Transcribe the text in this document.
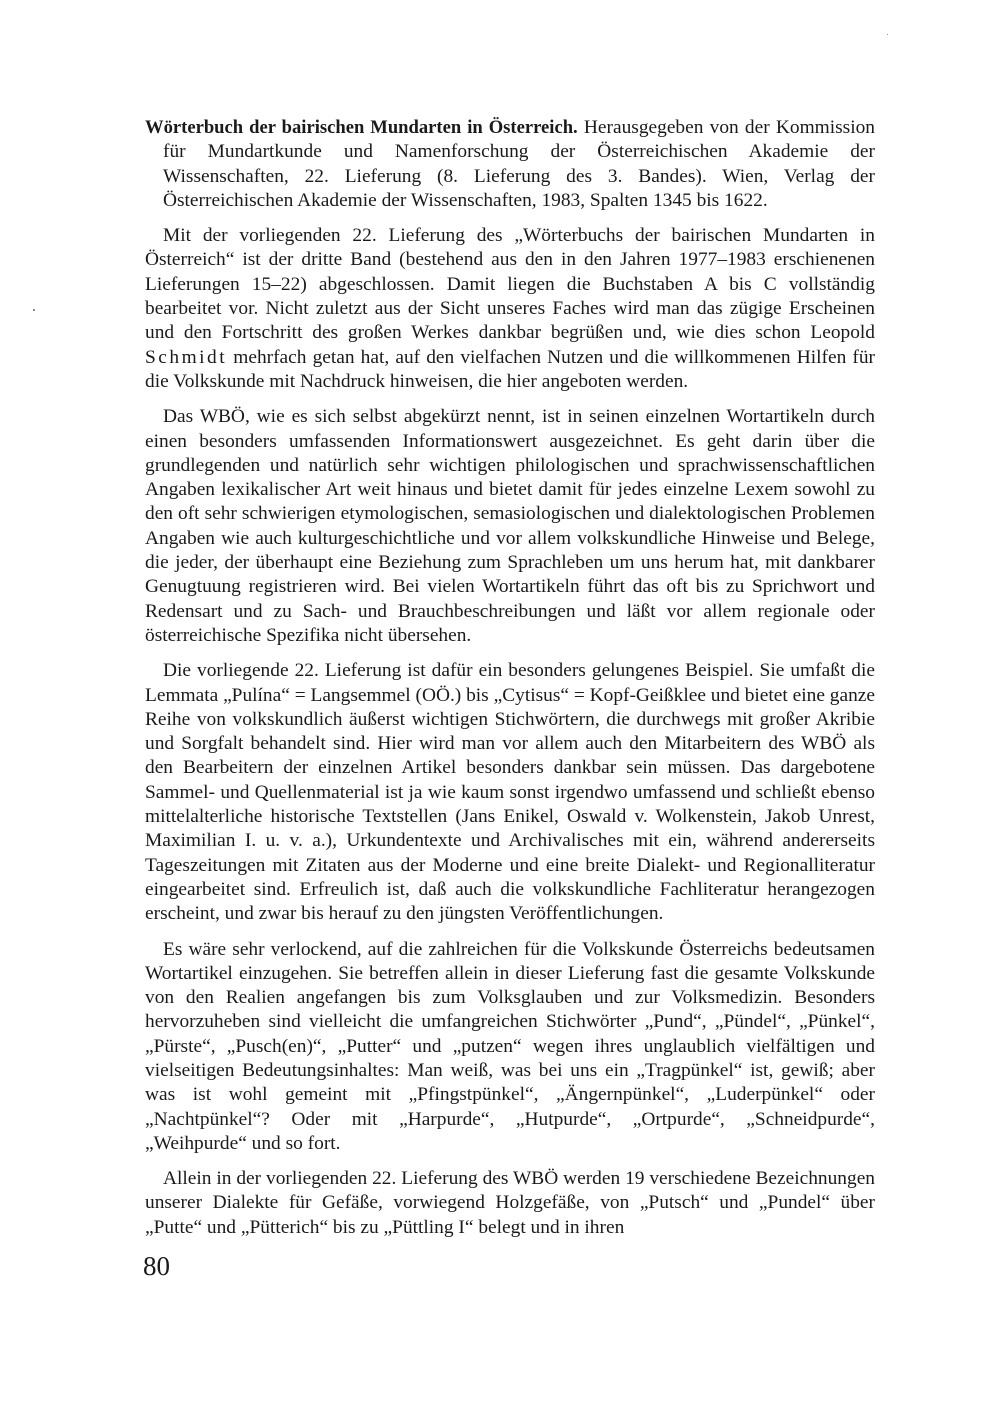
Wörterbuch der bairischen Mundarten in Österreich. Herausgegeben von der Kommission für Mundartkunde und Namenforschung der Österreichischen Akademie der Wissenschaften, 22. Lieferung (8. Lieferung des 3. Bandes). Wien, Verlag der Österreichischen Akademie der Wissenschaften, 1983, Spalten 1345 bis 1622.

Mit der vorliegenden 22. Lieferung des „Wörterbuchs der bairischen Mundarten in Österreich“ ist der dritte Band (bestehend aus den in den Jahren 1977–1983 erschienenen Lieferungen 15–22) abgeschlossen. Damit liegen die Buchstaben A bis C vollständig bearbeitet vor. Nicht zuletzt aus der Sicht unseres Faches wird man das zügige Erscheinen und den Fortschritt des großen Werkes dankbar begrüßen und, wie dies schon Leopold Schmidt mehrfach getan hat, auf den vielfachen Nutzen und die willkommenen Hilfen für die Volkskunde mit Nachdruck hinweisen, die hier angeboten werden.

Das WBÖ, wie es sich selbst abgekürzt nennt, ist in seinen einzelnen Wortartikeln durch einen besonders umfassenden Informationswert ausgezeichnet. Es geht darin über die grundlegenden und natürlich sehr wichtigen philologischen und sprachwissenschaftlichen Angaben lexikalischer Art weit hinaus und bietet damit für jedes einzelne Lexem sowohl zu den oft sehr schwierigen etymologischen, semasiologischen und dialektologischen Problemen Angaben wie auch kulturgeschichtliche und vor allem volkskundliche Hinweise und Belege, die jeder, der überhaupt eine Beziehung zum Sprachleben um uns herum hat, mit dankbarer Genugtuung registrieren wird. Bei vielen Wortartikeln führt das oft bis zu Sprichwort und Redensart und zu Sach- und Brauchbeschreibungen und läßt vor allem regionale oder österreichische Spezifika nicht übersehen.

Die vorliegende 22. Lieferung ist dafür ein besonders gelungenes Beispiel. Sie umfaßt die Lemmata „Pulína“ = Langsemmel (OÖ.) bis „Cytisus“ = Kopf-Geißklee und bietet eine ganze Reihe von volkskundlich äußerst wichtigen Stichwörtern, die durchwegs mit großer Akribie und Sorgfalt behandelt sind. Hier wird man vor allem auch den Mitarbeitern des WBÖ als den Bearbeitern der einzelnen Artikel besonders dankbar sein müssen. Das dargebotene Sammel- und Quellenmaterial ist ja wie kaum sonst irgendwo umfassend und schließt ebenso mittelalterliche historische Textstellen (Jans Enikel, Oswald v. Wolkenstein, Jakob Unrest, Maximilian I. u. v. a.), Urkundentexte und Archivalisches mit ein, während andererseits Tageszeitungen mit Zitaten aus der Moderne und eine breite Dialekt- und Regionalliteratur eingearbeitet sind. Erfreulich ist, daß auch die volkskundliche Fachliteratur herangezogen erscheint, und zwar bis herauf zu den jüngsten Veröffentlichungen.

Es wäre sehr verlockend, auf die zahlreichen für die Volkskunde Österreichs bedeutsamen Wortartikel einzugehen. Sie betreffen allein in dieser Lieferung fast die gesamte Volkskunde von den Realien angefangen bis zum Volksglauben und zur Volksmedizin. Besonders hervorzuheben sind vielleicht die umfangreichen Stichwörter „Pund“, „Pündel“, „Pünkel“, „Pürste“, „Pusch(en)“, „Putter“ und „putzen“ wegen ihres unglaublich vielfältigen und vielseitigen Bedeutungsinhaltes: Man weiß, was bei uns ein „Tragpünkel“ ist, gewiß; aber was ist wohl gemeint mit „Pfingstpünkel“, „Ängernpünkel“, „Luderpünkel“ oder „Nachtpünkel“? Oder mit „Harpurde“, „Hutpurde“, „Ortpurde“, „Schneidpurde“, „Weihpurde“ und so fort.

Allein in der vorliegenden 22. Lieferung des WBÖ werden 19 verschiedene Bezeichnungen unserer Dialekte für Gefäße, vorwiegend Holzgefäße, von „Putsch“ und „Pundel“ über „Putte“ und „Pütterich“ bis zu „Püttling I“ belegt und in ihren

80
